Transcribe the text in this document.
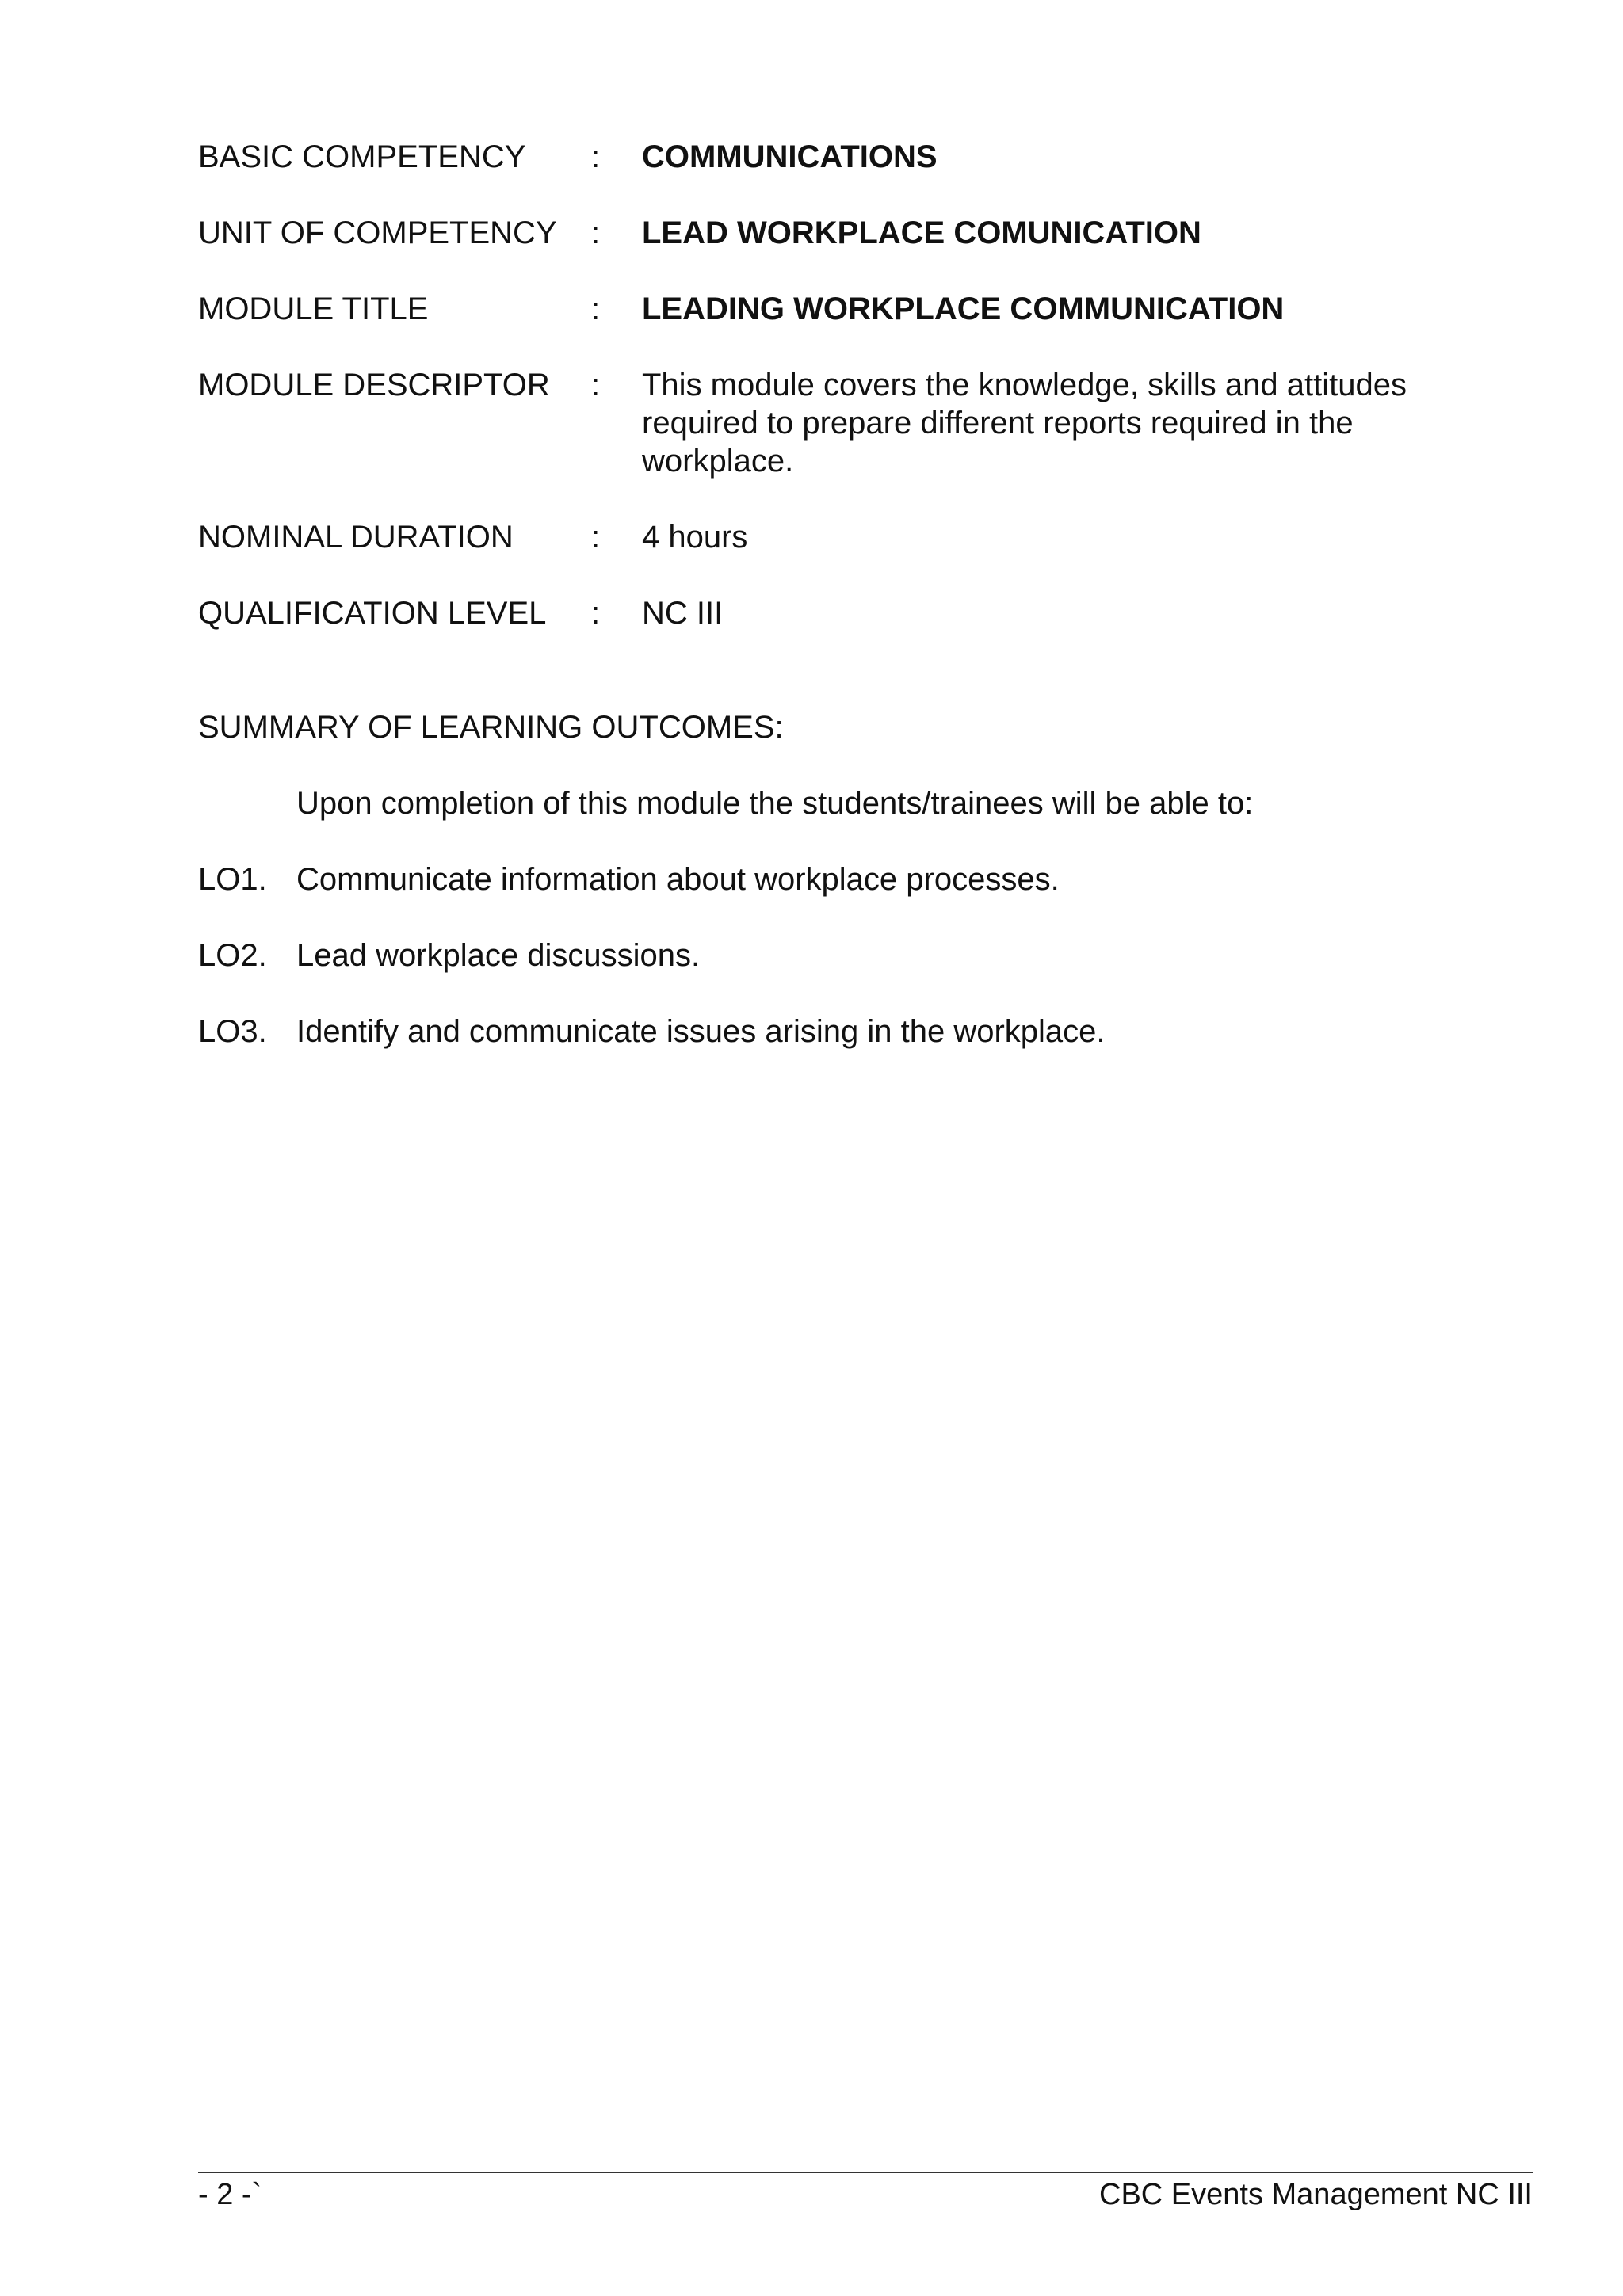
BASIC COMPETENCY : COMMUNICATIONS
UNIT OF COMPETENCY : LEAD WORKPLACE COMUNICATION
MODULE TITLE	: LEADING WORKPLACE COMMUNICATION
MODULE DESCRIPTOR : This module covers the knowledge, skills and attitudes required to prepare different reports required in the workplace.
NOMINAL DURATION : 4 hours
QUALIFICATION LEVEL : NC III
SUMMARY OF LEARNING OUTCOMES:
Upon completion of this module the students/trainees will be able to:
LO1. Communicate information about workplace processes.
LO2. Lead workplace discussions.
LO3. Identify and communicate issues arising in the workplace.
- 2 -`	CBC Events Management NC III
